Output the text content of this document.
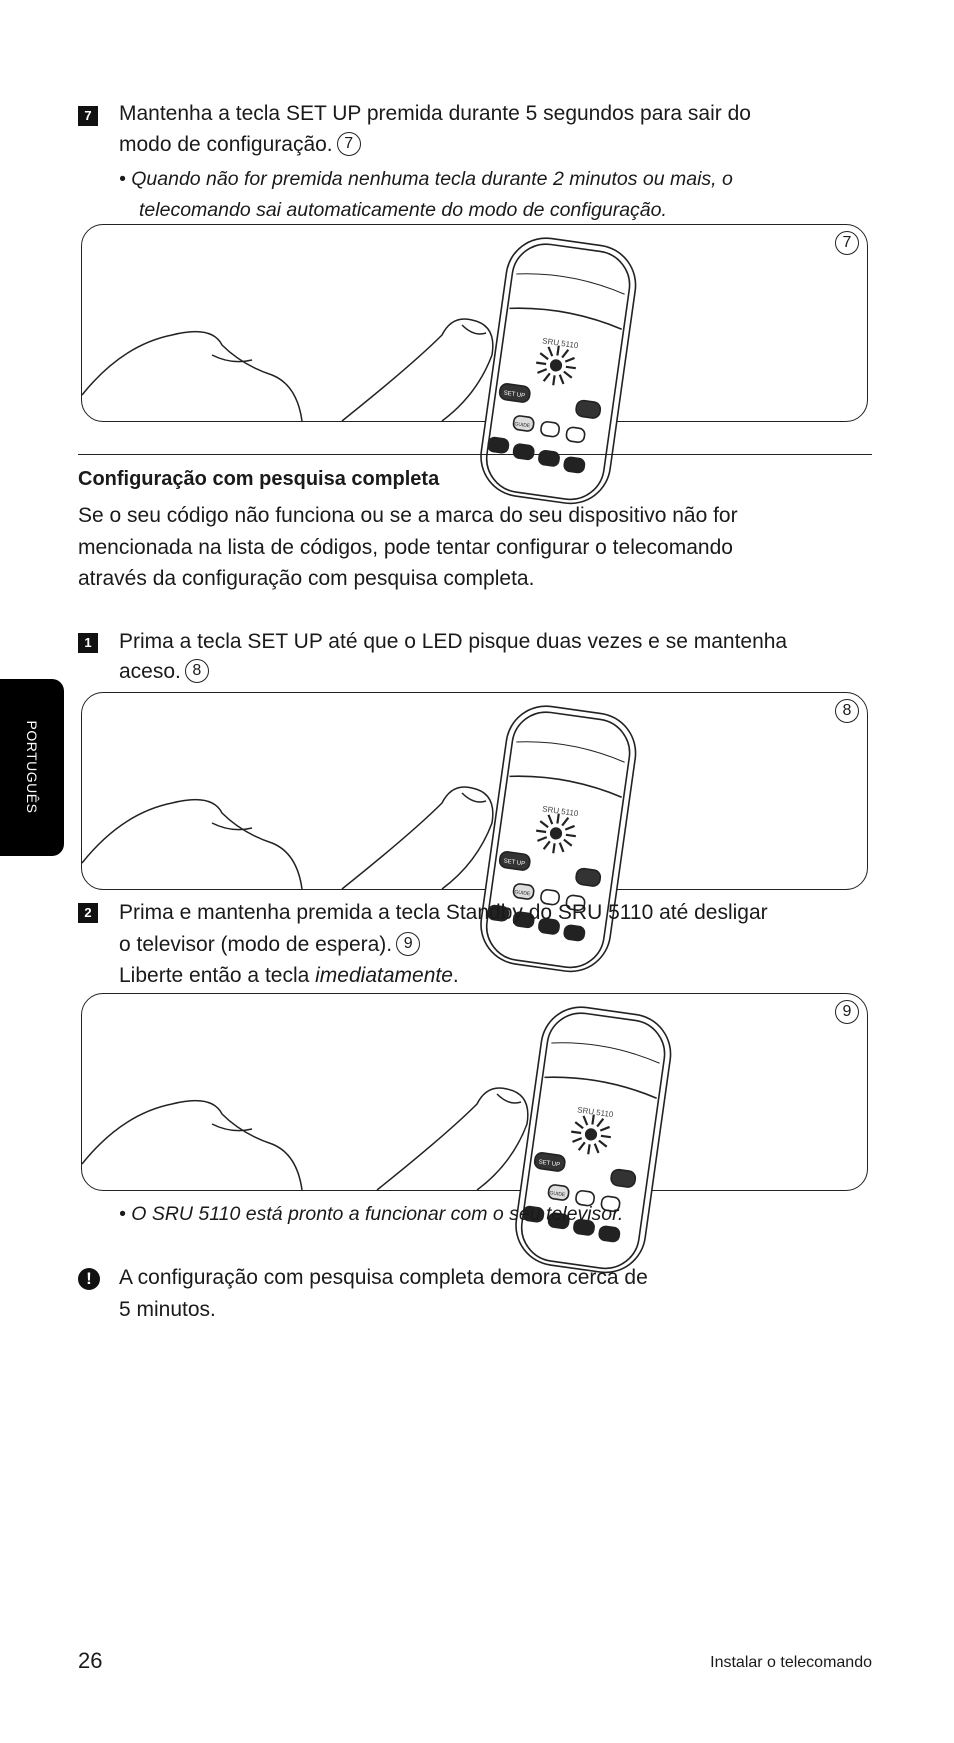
7	Mantenha a tecla SET UP premida durante 5 segundos para sair do
modo de configuração. 7
• Quando não for premida nenhuma tecla durante 2 minutos ou mais, o
telecomando sai automaticamente do modo de configuração.
SRU 5110
SET UP
GUIDE
7
Configuração com pesquisa completa
Se o seu código não funciona ou se a marca do seu dispositivo não for
mencionada na lista de códigos, pode tentar configurar o telecomando
através da configuração com pesquisa completa.
1	Prima a tecla SET UP até que o LED pisque duas vezes e se mantenha
aceso. 8
PORTUGUÊS	SRU 5110
SET UP
GUIDE
8
2	Prima e mantenha premida a tecla Standby do SRU 5110 até desligar
o televisor (modo de espera). 9
Liberte então a tecla imediatamente.
SRU 5110
SET UP
GUIDE
9
• O SRU 5110 está pronto a funcionar com o seu televisor.
!	A configuração com pesquisa completa demora cerca de
5 minutos.
26	Instalar o telecomando
